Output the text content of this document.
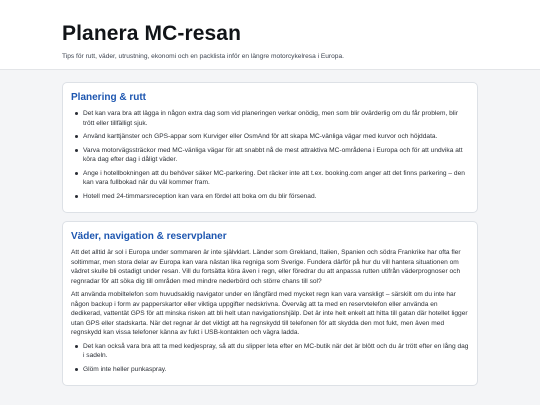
Planera MC-resan
Tips för rutt, väder, utrustning, ekonomi och en packlista inför en längre motorcykelresa i Europa.
Planering & rutt
Det kan vara bra att lägga in någon extra dag som vid planeringen verkar onödig, men som blir ovärderlig om du får problem, blir trött eller tillfälligt sjuk.
Använd karttjänster och GPS-appar som Kurviger eller OsmAnd för att skapa MC-vänliga vägar med kurvor och höjddata.
Varva motorvägssträckor med MC-vänliga vägar för att snabbt nå de mest attraktiva MC-områdena i Europa och för att undvika att köra dag efter dag i dåligt väder.
Ange i hotellbokningen att du behöver säker MC-parkering. Det räcker inte att t.ex. booking.com anger att det finns parkering – den kan vara fullbokad när du väl kommer fram.
Hotell med 24-timmarsreception kan vara en fördel att boka om du blir försenad.
Väder, navigation & reservplaner

Att det alltid är sol i Europa under sommaren är inte självklart. Länder som Grekland, Italien, Spanien och södra Frankrike har ofta fler soltimmar, men stora delar av Europa kan vara nästan lika regniga som Sverige. Fundera därför på hur du vill hantera situationen om vädret skulle bli ostadigt under resan. Vill du fortsätta köra även i regn, eller föredrar du att anpassa rutten utifrån väderprognoser och regnradar för att söka dig till områden med mindre nederbörd och större chans till sol?

Att använda mobiltelefon som huvudsaklig navigator under en långfärd med mycket regn kan vara vanskligt – särskilt om du inte har någon backup i form av papperskartor eller viktiga uppgifter nedskrivna. Överväg att ta med en reservtelefon eller använda en dedikerad, vattentät GPS för att minska risken att bli helt utan navigationshjälp. Det är inte helt enkelt att hitta till gatan där hotellet ligger utan GPS eller stadskarta. När det regnar är det viktigt att ha regnskydd till telefonen för att skydda den mot fukt, men även med regnskydd kan vissa telefoner känna av fukt i USB-kontakten och vägra ladda.

Det kan också vara bra att ta med kedjespray, så att du slipper leta efter en MC-butik när det är blött och du är trött efter en lång dag i sadeln.
Glöm inte heller punkaspray.
